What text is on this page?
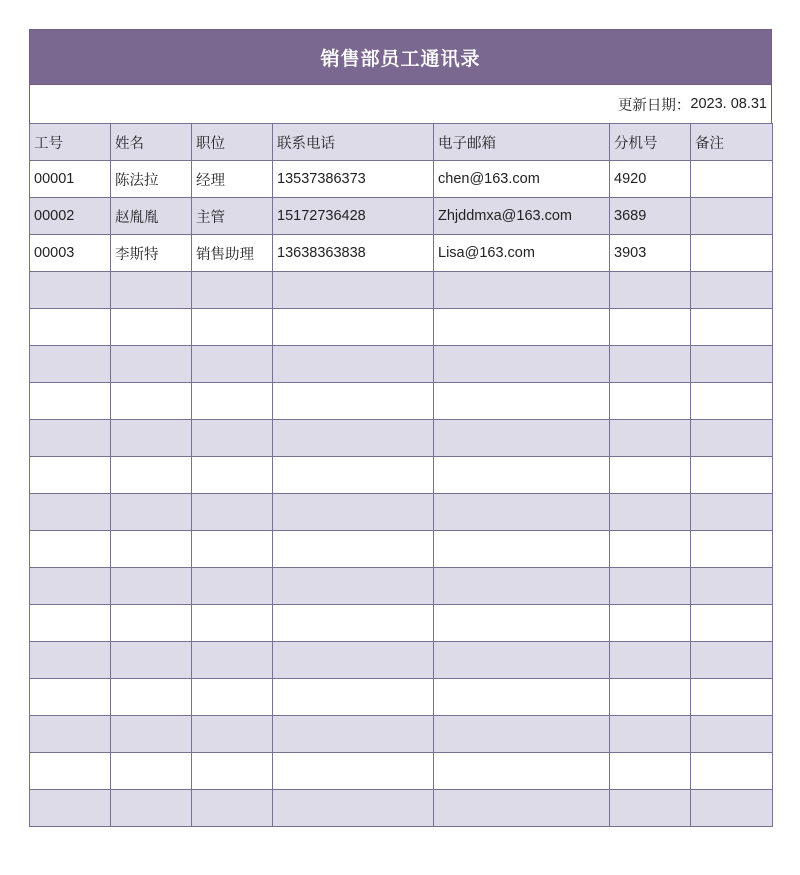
销售部员工通讯录
更新日期： 2023. 08.31
工号	姓名	职位	联系电话	电子邮箱	分机号	备注
00001	陈法拉	经理	13537386373	chen@163.com	4920	
00002	赵胤胤	主管	15172736428	Zhjddmxa@163.com	3689	
00003	李斯特	销售助理	13638363838	Lisa@163.com	3903	
